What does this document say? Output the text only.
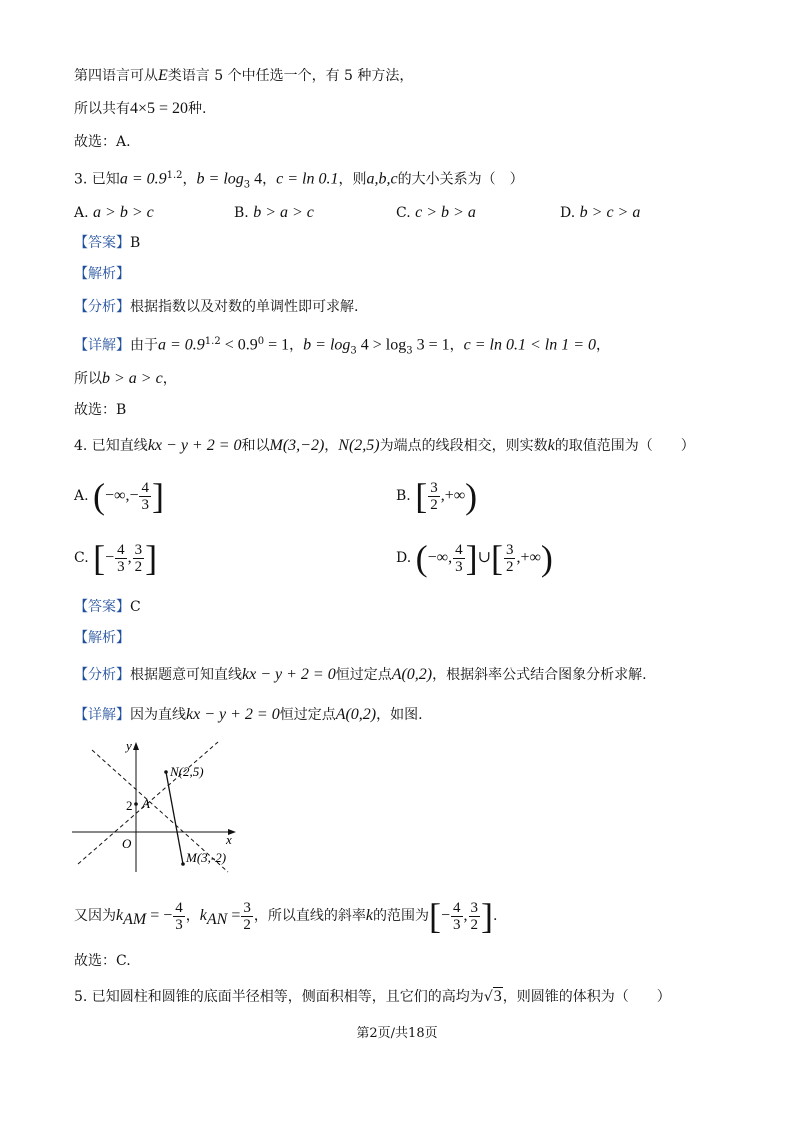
第四语言可从E类语言 5 个中任选一个，有 5 种方法，
所以共有4×5 = 20种.
故选：A.
3. 已知$a = 0.9^{1.2}$，$b = \log_3 4$，c = ln 0.1，则a,b,c的大小关系为（　）
A. a > b > c	B. b > a > c	C. c > b > a	D. b > c > a
【答案】B
【解析】
【分析】根据指数以及对数的单调性即可求解.
【详解】由于$a = 0.9^{1.2} < 0.9^0 = 1$，$b = \log_3 4 > \log_3 3 = 1$，c = ln 0.1 < ln 1 = 0，
所以b > a > c，
故选：B
4. 已知直线kx − y + 2 = 0和以M(3,−2)，N(2,5)为端点的线段相交，则实数k的取值范围为（　　）
A. (−∞,− $\frac{4}{3}$ ]	B. [ $\frac{3}{2}$ ,+∞)
C. [− $\frac{4}{3}$ , $\frac{3}{2}$ ]	D. (−∞, $\frac{4}{3}$ ]∪[ $\frac{3}{2}$ ,+∞)
【答案】C
【解析】
【分析】根据题意可知直线kx − y + 2 = 0恒过定点A(0,2)，根据斜率公式结合图象分析求解.
【详解】因为直线kx − y + 2 = 0恒过定点A(0,2)，如图.
y
x
O
2 A
N(2,5)
M(3,-2)
又因为$k_{AM}$ = − $\frac{4}{3}$ ，$k_{AN} = \frac{3}{2}$ ，所以直线的斜率k的范围为[− $\frac{4}{3}$ , $\frac{3}{2}$ ].
故选：C.
5. 已知圆柱和圆锥的底面半径相等，侧面积相等，且它们的高均为√3，则圆锥的体积为（　　）
第2页/共18页
